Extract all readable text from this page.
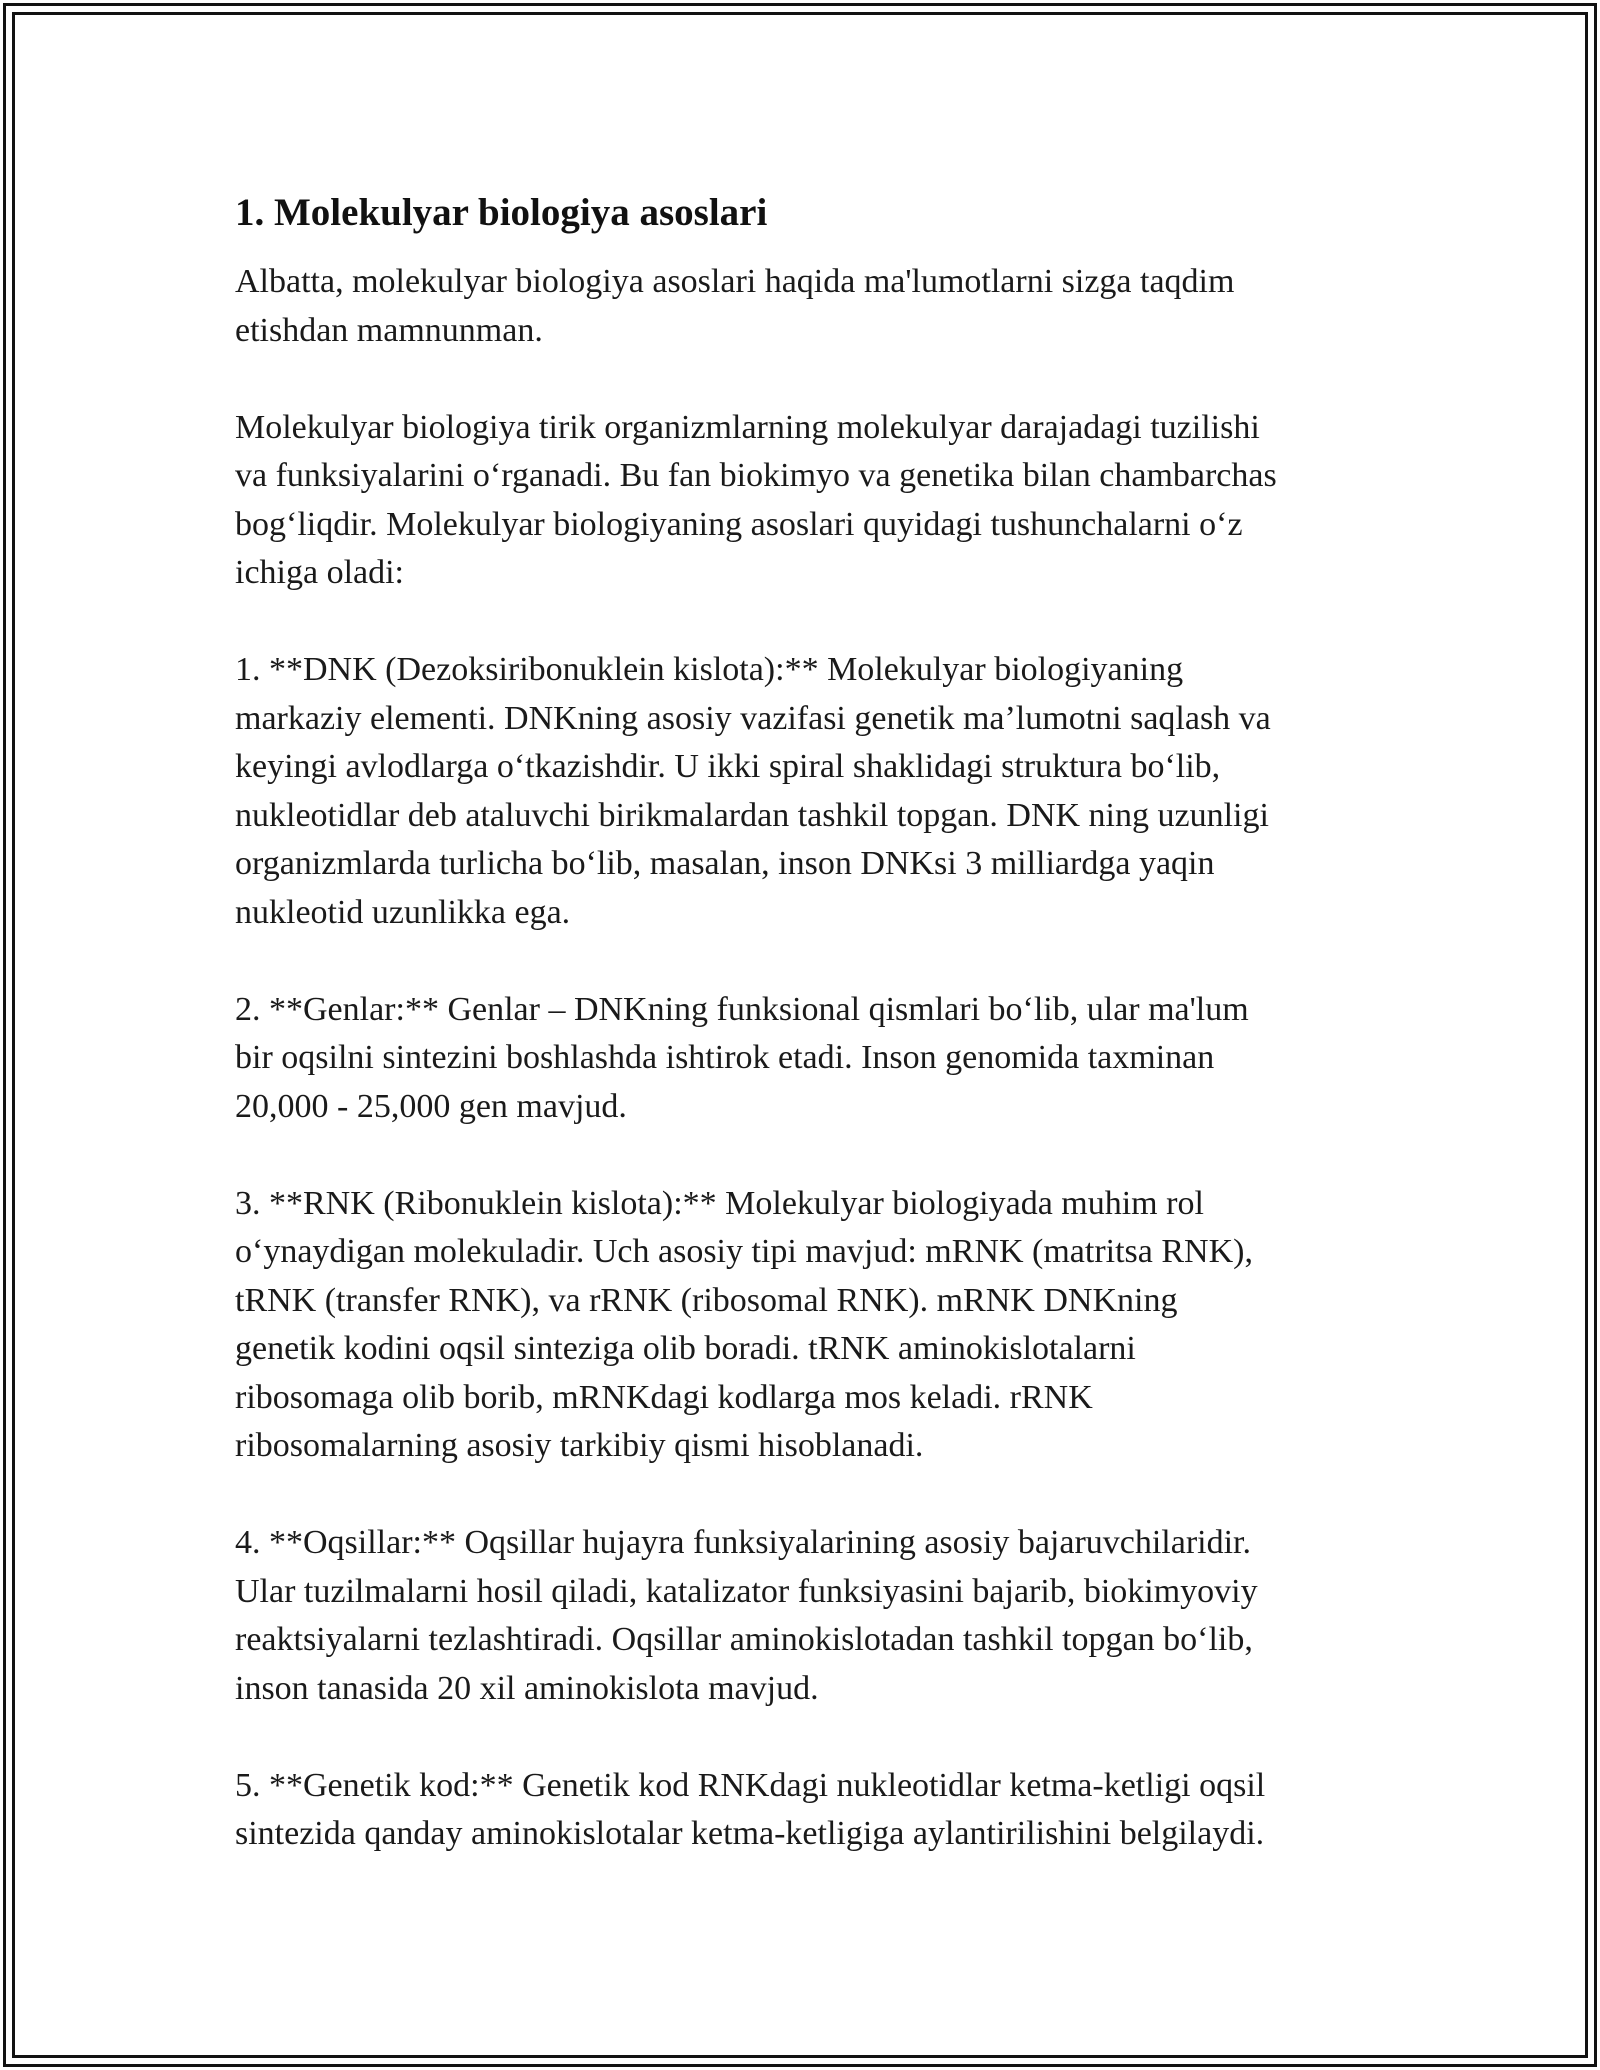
1. Molekulyar biologiya asoslari

Albatta, molekulyar biologiya asoslari haqida ma'lumotlarni sizga taqdim
etishdan mamnunman.

Molekulyar biologiya tirik organizmlarning molekulyar darajadagi tuzilishi
va funksiyalarini o‘rganadi. Bu fan biokimyo va genetika bilan chambarchas
bog‘liqdir. Molekulyar biologiyaning asoslari quyidagi tushunchalarni o‘z
ichiga oladi:

1. **DNK (Dezoksiribonuklein kislota):** Molekulyar biologiyaning
markaziy elementi. DNKning asosiy vazifasi genetik ma’lumotni saqlash va
keyingi avlodlarga o‘tkazishdir. U ikki spiral shaklidagi struktura bo‘lib,
nukleotidlar deb ataluvchi birikmalardan tashkil topgan. DNK ning uzunligi
organizmlarda turlicha bo‘lib, masalan, inson DNKsi 3 milliardga yaqin
nukleotid uzunlikka ega.

2. **Genlar:** Genlar – DNKning funksional qismlari bo‘lib, ular ma'lum
bir oqsilni sintezini boshlashda ishtirok etadi. Inson genomida taxminan
20,000 - 25,000 gen mavjud.

3. **RNK (Ribonuklein kislota):** Molekulyar biologiyada muhim rol
o‘ynaydigan molekuladir. Uch asosiy tipi mavjud: mRNK (matritsa RNK),
tRNK (transfer RNK), va rRNK (ribosomal RNK). mRNK DNKning
genetik kodini oqsil sinteziga olib boradi. tRNK aminokislotalarni
ribosomaga olib borib, mRNKdagi kodlarga mos keladi. rRNK
ribosomalarning asosiy tarkibiy qismi hisoblanadi.

4. **Oqsillar:** Oqsillar hujayra funksiyalarining asosiy bajaruvchilaridir.
Ular tuzilmalarni hosil qiladi, katalizator funksiyasini bajarib, biokimyoviy
reaktsiyalarni tezlashtiradi. Oqsillar aminokislotadan tashkil topgan bo‘lib,
inson tanasida 20 xil aminokislota mavjud.

5. **Genetik kod:** Genetik kod RNKdagi nukleotidlar ketma-ketligi oqsil
sintezida qanday aminokislotalar ketma-ketligiga aylantirilishini belgilaydi.
